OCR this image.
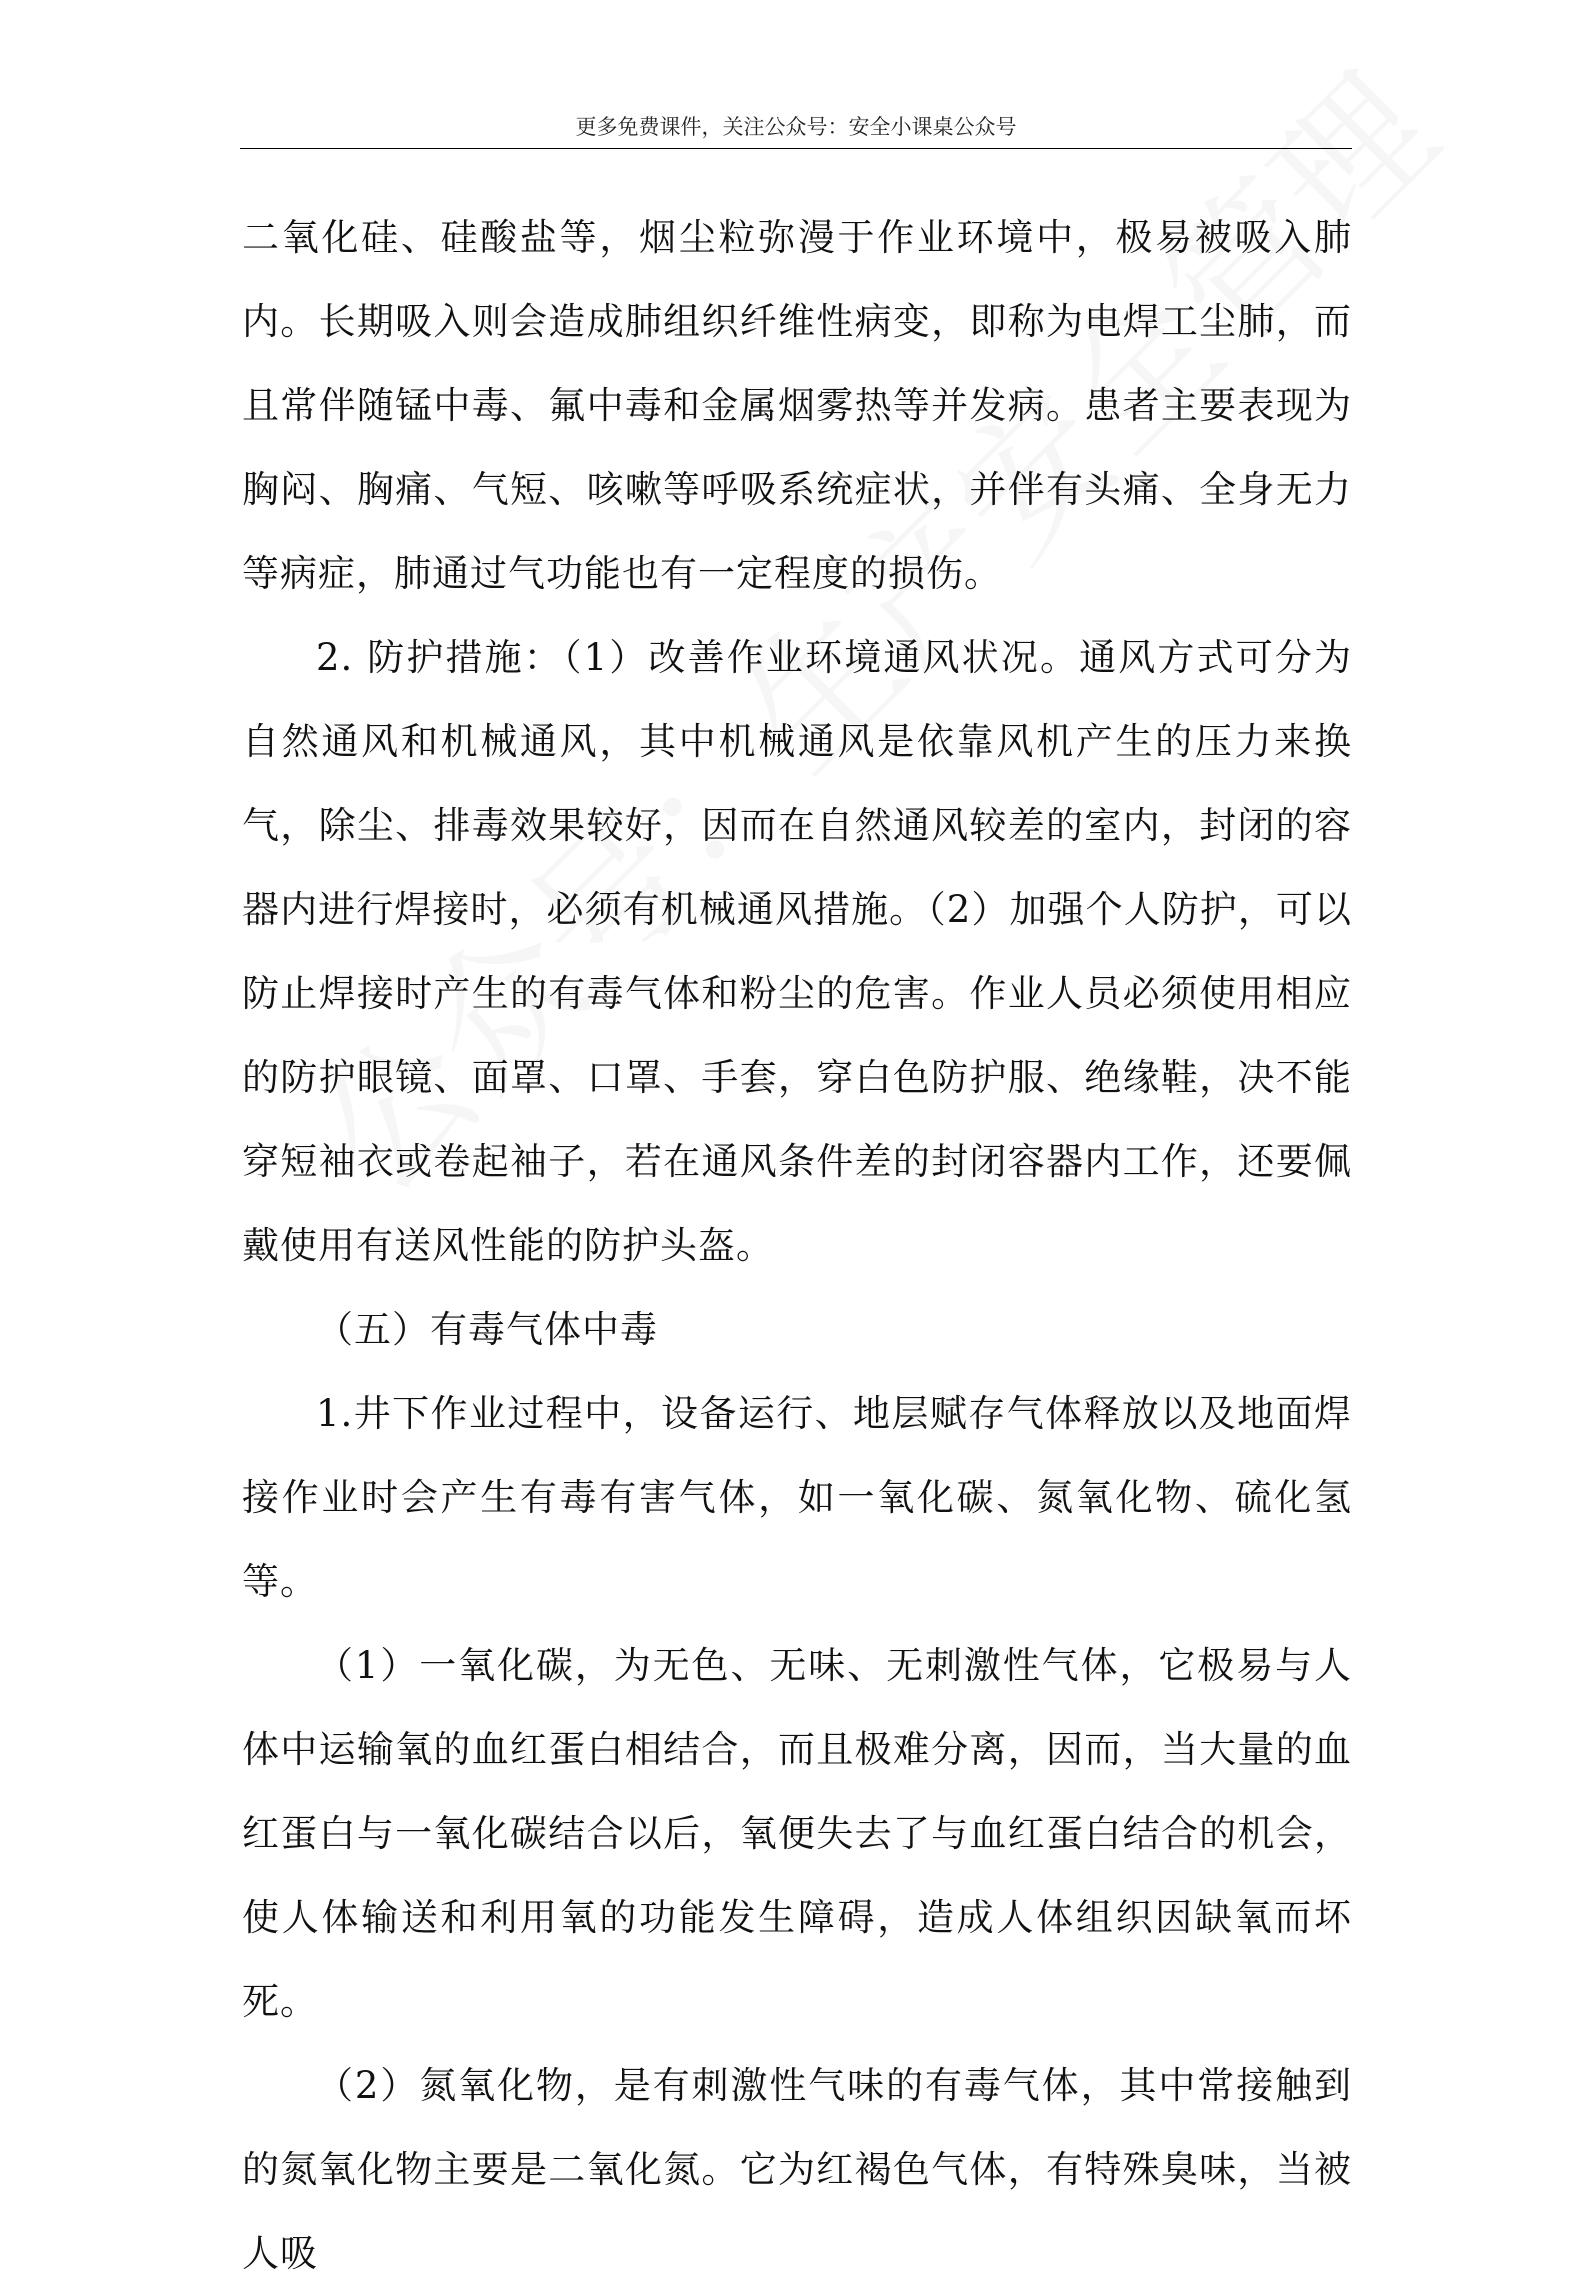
更多免费课件，关注公众号：安全小课桌公众号

二氧化硅、硅酸盐等，烟尘粒弥漫于作业环境中，极易被吸入肺内。长期吸入则会造成肺组织纤维性病变，即称为电焊工尘肺，而且常伴随锰中毒、氟中毒和金属烟雾热等并发病。患者主要表现为胸闷、胸痛、气短、咳嗽等呼吸系统症状，并伴有头痛、全身无力等病症，肺通过气功能也有一定程度的损伤。

2. 防护措施：（1）改善作业环境通风状况。通风方式可分为自然通风和机械通风，其中机械通风是依靠风机产生的压力来换气，除尘、排毒效果较好，因而在自然通风较差的室内，封闭的容器内进行焊接时，必须有机械通风措施。（2）加强个人防护，可以防止焊接时产生的有毒气体和粉尘的危害。作业人员必须使用相应的防护眼镜、面罩、口罩、手套，穿白色防护服、绝缘鞋，决不能穿短袖衣或卷起袖子，若在通风条件差的封闭容器内工作，还要佩戴使用有送风性能的防护头盔。

（五）有毒气体中毒

1.井下作业过程中，设备运行、地层赋存气体释放以及地面焊接作业时会产生有毒有害气体，如一氧化碳、氮氧化物、硫化氢等。

（1）一氧化碳，为无色、无味、无刺激性气体，它极易与人体中运输氧的血红蛋白相结合，而且极难分离，因而，当大量的血红蛋白与一氧化碳结合以后，氧便失去了与血红蛋白结合的机会，使人体输送和利用氧的功能发生障碍，造成人体组织因缺氧而坏死。

（2）氮氧化物，是有刺激性气味的有毒气体，其中常接触到的氮氧化物主要是二氧化氮。它为红褐色气体，有特殊臭味，当被人吸
